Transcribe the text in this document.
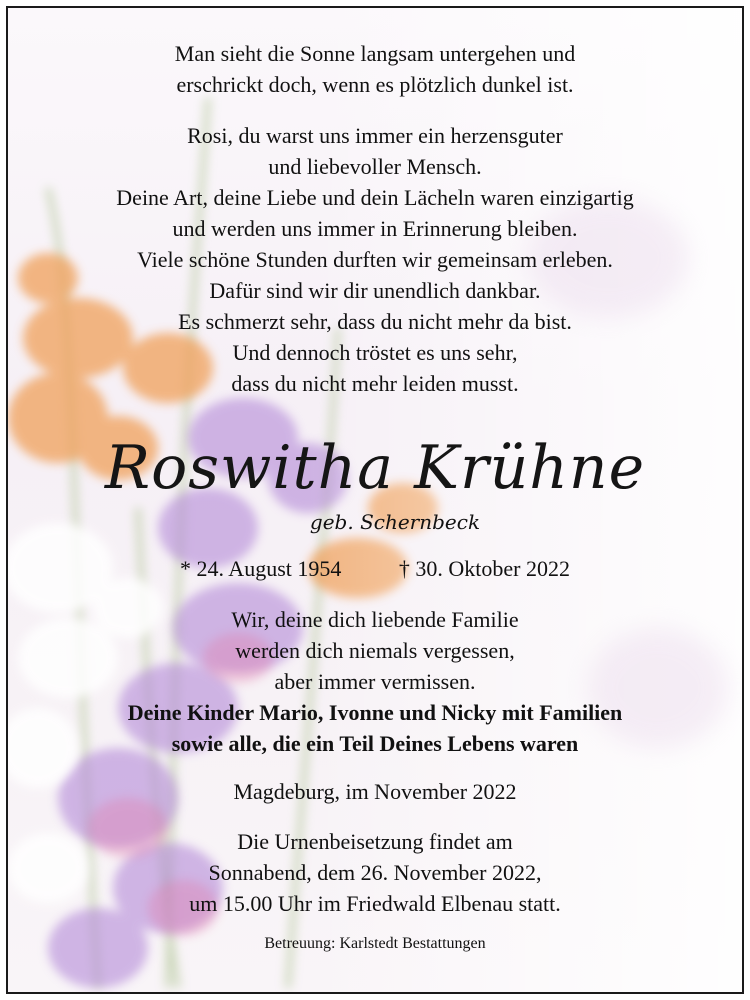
Man sieht die Sonne langsam untergehen und
erschrickt doch, wenn es plötzlich dunkel ist.
Rosi, du warst uns immer ein herzensguter
und liebevoller Mensch.
Deine Art, deine Liebe und dein Lächeln waren einzigartig
und werden uns immer in Erinnerung bleiben.
Viele schöne Stunden durften wir gemeinsam erleben.
Dafür sind wir dir unendlich dankbar.
Es schmerzt sehr, dass du nicht mehr da bist.
Und dennoch tröstet es uns sehr,
dass du nicht mehr leiden musst.
Roswitha Krühne
geb. Schernbeck
* 24. August 1954	† 30. Oktober 2022
Wir, deine dich liebende Familie
werden dich niemals vergessen,
aber immer vermissen.
Deine Kinder Mario, Ivonne und Nicky mit Familien
sowie alle, die ein Teil Deines Lebens waren
Magdeburg, im November 2022
Die Urnenbeisetzung findet am
Sonnabend, dem 26. November 2022,
um 15.00 Uhr im Friedwald Elbenau statt.
Betreuung: Karlstedt Bestattungen
